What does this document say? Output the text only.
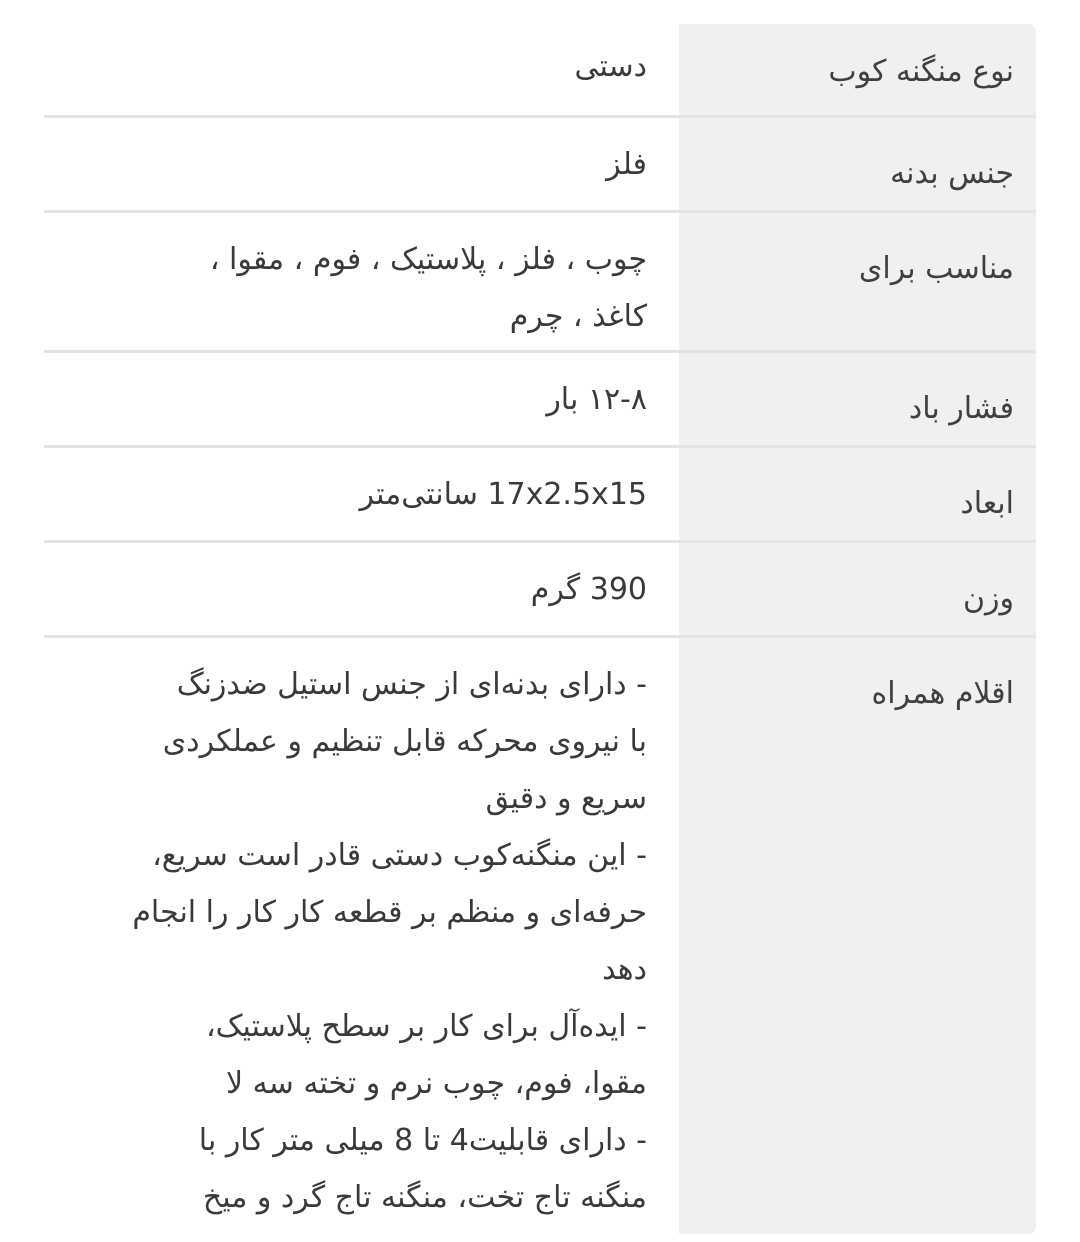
نوع منگنه کوب
دستی
جنس بدنه
فلز
مناسب برای
چوب ، فلز ، پلاستیک ، فوم ، مقوا ،
کاغذ ، چرم
فشار باد
۱۲-۸ بار
ابعاد
17x2.5x15 سانتی‌متر
وزن
390 گرم
اقلام همراه
- دارای بدنه‌ای از جنس استیل ضدزنگ
با نیروی محرکه قابل تنظیم و عملکردی
سریع و دقیق
- این منگنه‌کوب دستی قادر است سریع،
حرفه‌ای و منظم بر قطعه کار کار را انجام
دهد
- ایده‌آل برای کار بر سطح پلاستیک،
مقوا، فوم، چوب نرم و تخته سه لا
- دارای قابلیت4 تا 8 میلی متر کار با
منگنه تاج تخت، منگنه تاج گرد و میخ
